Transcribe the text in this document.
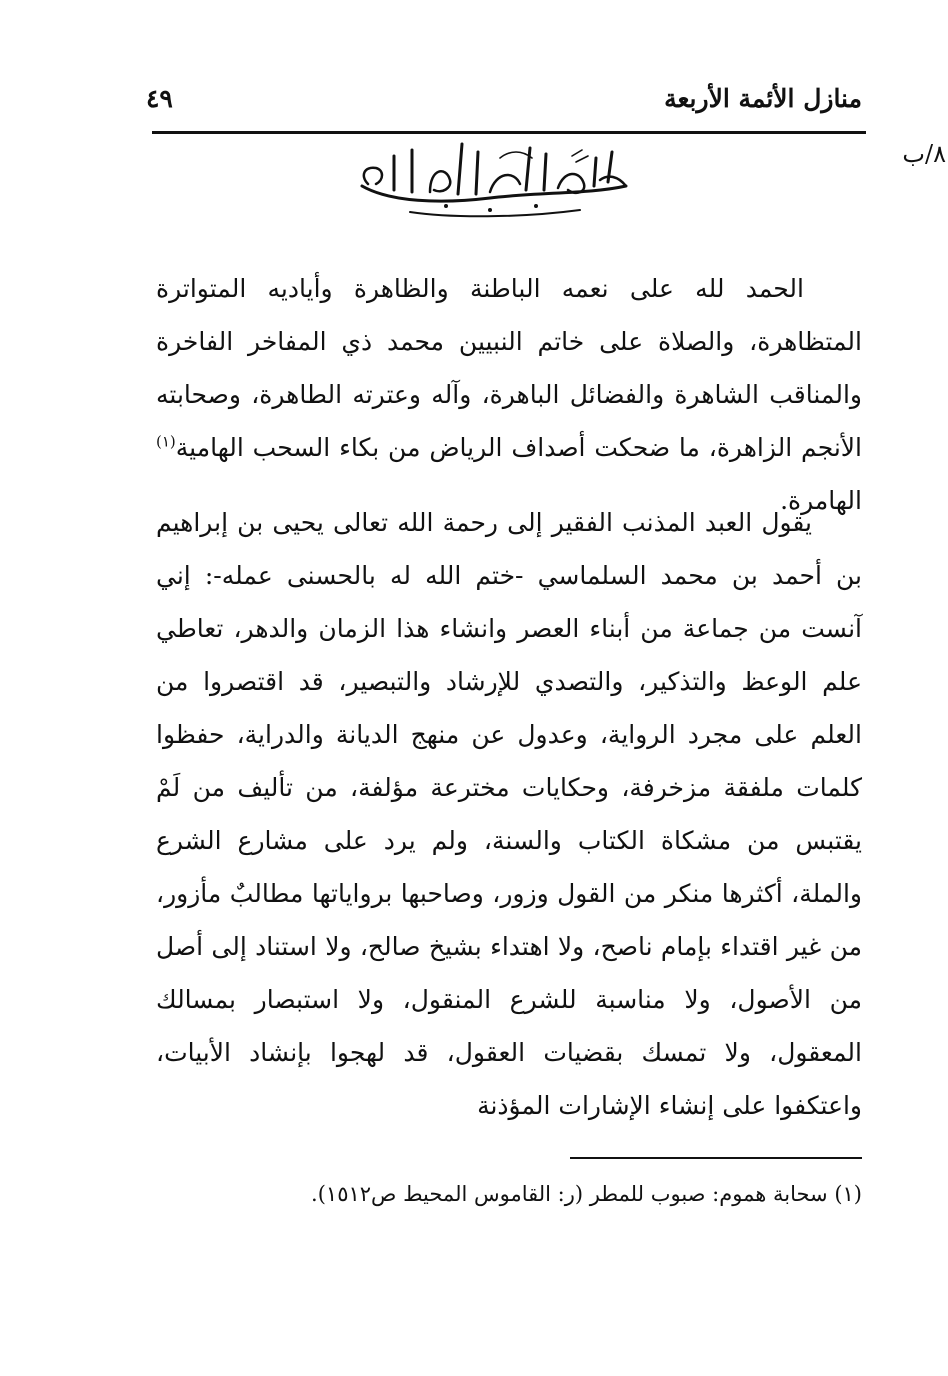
منازل الأئمة الأربعة
٤٩
٨/ب

الحمد لله على نعمه الباطنة والظاهرة وأياديه المتواترة المتظاهرة، والصلاة على خاتم النبيين محمد ذي المفاخر الفاخرة والمناقب الشاهرة والفضائل الباهرة، وآله وعترته الطاهرة، وصحابته الأنجم الزاهرة، ما ضحكت أصداف الرياض من بكاء السحب الهامية$^{(١)}$ الهامرة.

يقول العبد المذنب الفقير إلى رحمة الله تعالى يحيى بن إبراهيم بن أحمد بن محمد السلماسي -ختم الله له بالحسنى عمله-: إني آنست من جماعة من أبناء العصر وانشاء هذا الزمان والدهر، تعاطي علم الوعظ والتذكير، والتصدي للإرشاد والتبصير، قد اقتصروا من العلم على مجرد الرواية، وعدول عن منهج الديانة والدراية، حفظوا كلمات ملفقة مزخرفة، وحكايات مخترعة مؤلفة، من تأليف من لَمْ يقتبس من مشكاة الكتاب والسنة، ولم يرد على مشارع الشرع والملة، أكثرها منكر من القول وزور، وصاحبها برواياتها مطالبٌ مأزور، من غير اقتداء بإمام ناصح، ولا اهتداء بشيخ صالح، ولا استناد إلى أصل من الأصول، ولا مناسبة للشرع المنقول، ولا استبصار بمسالك المعقول، ولا تمسك بقضيات العقول، قد لهجوا بإنشاد الأبيات، واعتكفوا على إنشاء الإشارات المؤذنة

(١) سحابة هموم: صبوب للمطر (ر: القاموس المحيط ص١٥١٢).
